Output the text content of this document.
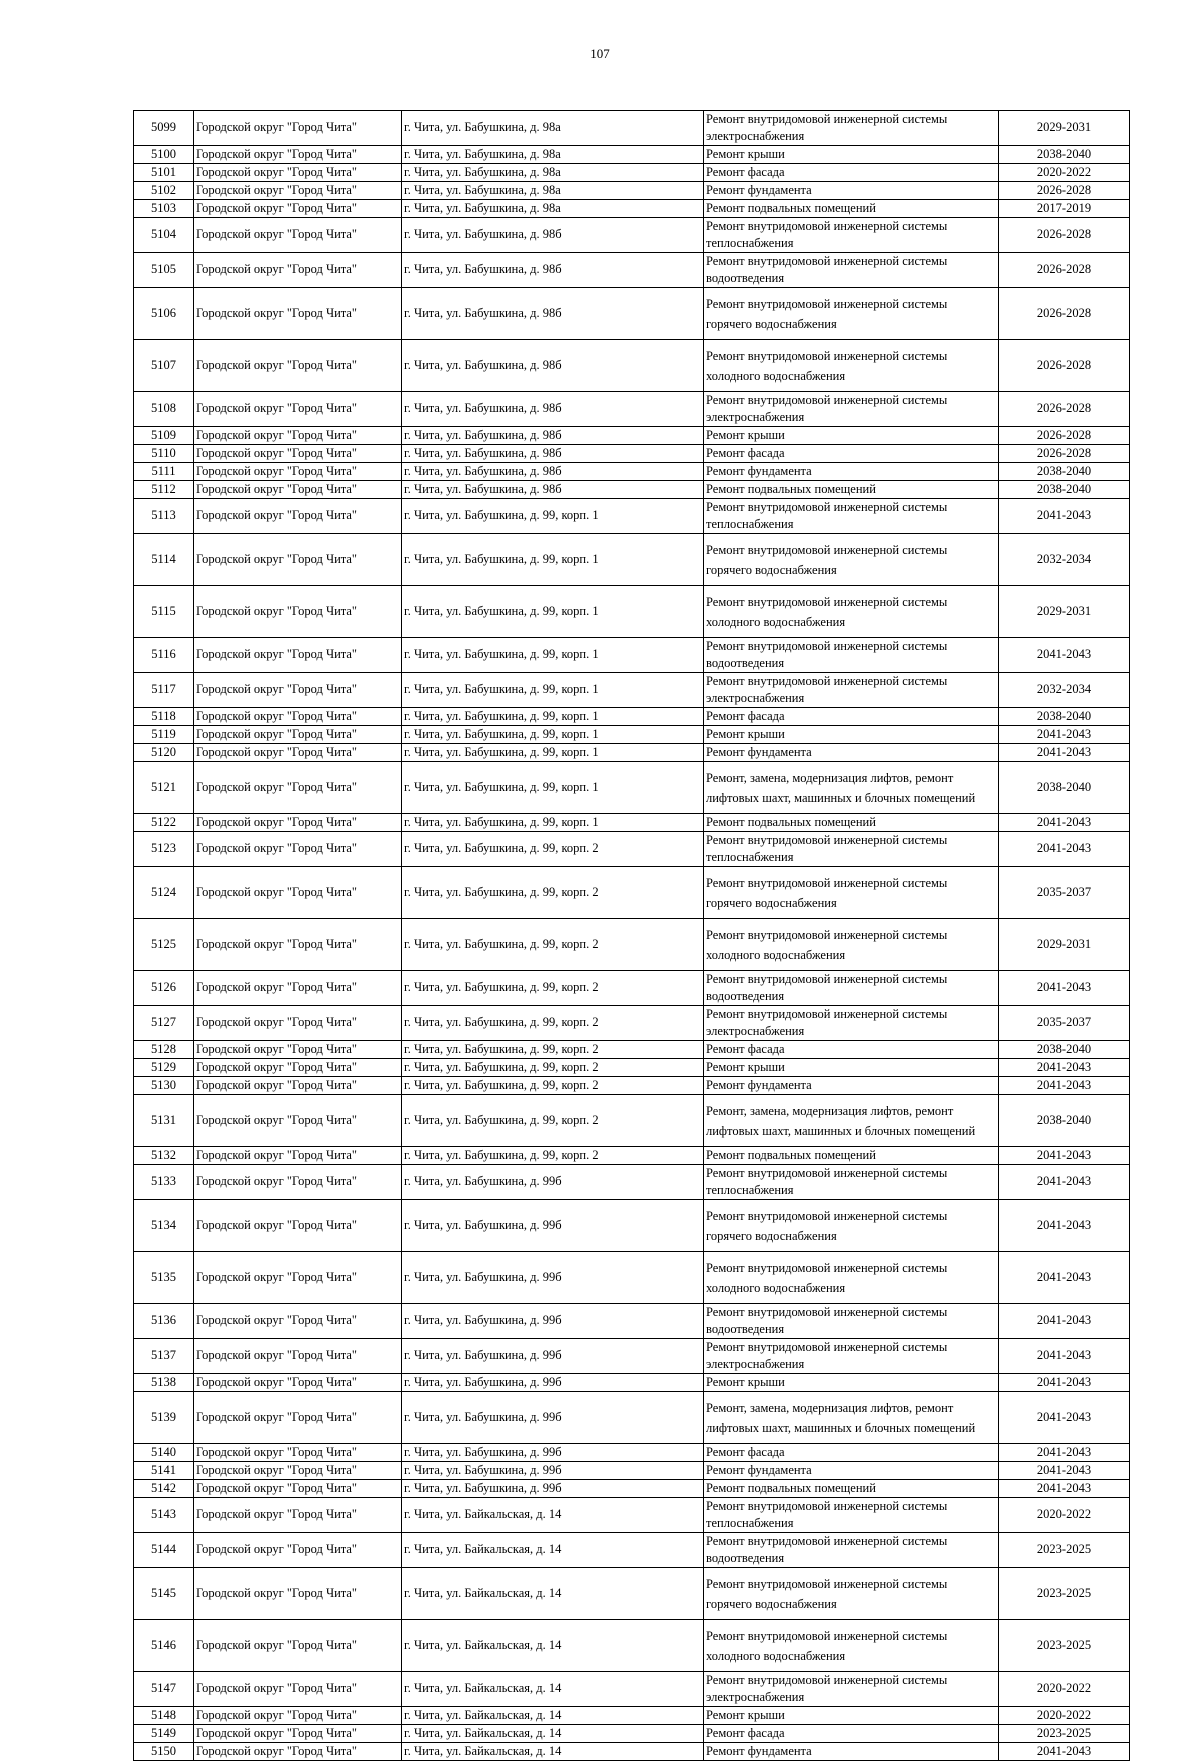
107
5099	Городской округ "Город Чита"	г. Чита, ул. Бабушкина, д. 98а	Ремонт внутридомовой инженерной системы электроснабжения	2029-2031
5100	Городской округ "Город Чита"	г. Чита, ул. Бабушкина, д. 98а	Ремонт крыши	2038-2040
5101	Городской округ "Город Чита"	г. Чита, ул. Бабушкина, д. 98а	Ремонт фасада	2020-2022
5102	Городской округ "Город Чита"	г. Чита, ул. Бабушкина, д. 98а	Ремонт фундамента	2026-2028
5103	Городской округ "Город Чита"	г. Чита, ул. Бабушкина, д. 98а	Ремонт подвальных помещений	2017-2019
5104	Городской округ "Город Чита"	г. Чита, ул. Бабушкина, д. 98б	Ремонт внутридомовой инженерной системы теплоснабжения	2026-2028
5105	Городской округ "Город Чита"	г. Чита, ул. Бабушкина, д. 98б	Ремонт внутридомовой инженерной системы водоотведения	2026-2028
5106	Городской округ "Город Чита"	г. Чита, ул. Бабушкина, д. 98б	Ремонт внутридомовой инженерной системы горячего водоснабжения	2026-2028
5107	Городской округ "Город Чита"	г. Чита, ул. Бабушкина, д. 98б	Ремонт внутридомовой инженерной системы холодного водоснабжения	2026-2028
5108	Городской округ "Город Чита"	г. Чита, ул. Бабушкина, д. 98б	Ремонт внутридомовой инженерной системы электроснабжения	2026-2028
5109	Городской округ "Город Чита"	г. Чита, ул. Бабушкина, д. 98б	Ремонт крыши	2026-2028
5110	Городской округ "Город Чита"	г. Чита, ул. Бабушкина, д. 98б	Ремонт фасада	2026-2028
5111	Городской округ "Город Чита"	г. Чита, ул. Бабушкина, д. 98б	Ремонт фундамента	2038-2040
5112	Городской округ "Город Чита"	г. Чита, ул. Бабушкина, д. 98б	Ремонт подвальных помещений	2038-2040
5113	Городской округ "Город Чита"	г. Чита, ул. Бабушкина, д. 99, корп. 1	Ремонт внутридомовой инженерной системы теплоснабжения	2041-2043
5114	Городской округ "Город Чита"	г. Чита, ул. Бабушкина, д. 99, корп. 1	Ремонт внутридомовой инженерной системы горячего водоснабжения	2032-2034
5115	Городской округ "Город Чита"	г. Чита, ул. Бабушкина, д. 99, корп. 1	Ремонт внутридомовой инженерной системы холодного водоснабжения	2029-2031
5116	Городской округ "Город Чита"	г. Чита, ул. Бабушкина, д. 99, корп. 1	Ремонт внутридомовой инженерной системы водоотведения	2041-2043
5117	Городской округ "Город Чита"	г. Чита, ул. Бабушкина, д. 99, корп. 1	Ремонт внутридомовой инженерной системы электроснабжения	2032-2034
5118	Городской округ "Город Чита"	г. Чита, ул. Бабушкина, д. 99, корп. 1	Ремонт фасада	2038-2040
5119	Городской округ "Город Чита"	г. Чита, ул. Бабушкина, д. 99, корп. 1	Ремонт крыши	2041-2043
5120	Городской округ "Город Чита"	г. Чита, ул. Бабушкина, д. 99, корп. 1	Ремонт фундамента	2041-2043
5121	Городской округ "Город Чита"	г. Чита, ул. Бабушкина, д. 99, корп. 1	Ремонт, замена, модернизация лифтов, ремонт лифтовых шахт, машинных и блочных помещений	2038-2040
5122	Городской округ "Город Чита"	г. Чита, ул. Бабушкина, д. 99, корп. 1	Ремонт подвальных помещений	2041-2043
5123	Городской округ "Город Чита"	г. Чита, ул. Бабушкина, д. 99, корп. 2	Ремонт внутридомовой инженерной системы теплоснабжения	2041-2043
5124	Городской округ "Город Чита"	г. Чита, ул. Бабушкина, д. 99, корп. 2	Ремонт внутридомовой инженерной системы горячего водоснабжения	2035-2037
5125	Городской округ "Город Чита"	г. Чита, ул. Бабушкина, д. 99, корп. 2	Ремонт внутридомовой инженерной системы холодного водоснабжения	2029-2031
5126	Городской округ "Город Чита"	г. Чита, ул. Бабушкина, д. 99, корп. 2	Ремонт внутридомовой инженерной системы водоотведения	2041-2043
5127	Городской округ "Город Чита"	г. Чита, ул. Бабушкина, д. 99, корп. 2	Ремонт внутридомовой инженерной системы электроснабжения	2035-2037
5128	Городской округ "Город Чита"	г. Чита, ул. Бабушкина, д. 99, корп. 2	Ремонт фасада	2038-2040
5129	Городской округ "Город Чита"	г. Чита, ул. Бабушкина, д. 99, корп. 2	Ремонт крыши	2041-2043
5130	Городской округ "Город Чита"	г. Чита, ул. Бабушкина, д. 99, корп. 2	Ремонт фундамента	2041-2043
5131	Городской округ "Город Чита"	г. Чита, ул. Бабушкина, д. 99, корп. 2	Ремонт, замена, модернизация лифтов, ремонт лифтовых шахт, машинных и блочных помещений	2038-2040
5132	Городской округ "Город Чита"	г. Чита, ул. Бабушкина, д. 99, корп. 2	Ремонт подвальных помещений	2041-2043
5133	Городской округ "Город Чита"	г. Чита, ул. Бабушкина, д. 99б	Ремонт внутридомовой инженерной системы теплоснабжения	2041-2043
5134	Городской округ "Город Чита"	г. Чита, ул. Бабушкина, д. 99б	Ремонт внутридомовой инженерной системы горячего водоснабжения	2041-2043
5135	Городской округ "Город Чита"	г. Чита, ул. Бабушкина, д. 99б	Ремонт внутридомовой инженерной системы холодного водоснабжения	2041-2043
5136	Городской округ "Город Чита"	г. Чита, ул. Бабушкина, д. 99б	Ремонт внутридомовой инженерной системы водоотведения	2041-2043
5137	Городской округ "Город Чита"	г. Чита, ул. Бабушкина, д. 99б	Ремонт внутридомовой инженерной системы электроснабжения	2041-2043
5138	Городской округ "Город Чита"	г. Чита, ул. Бабушкина, д. 99б	Ремонт крыши	2041-2043
5139	Городской округ "Город Чита"	г. Чита, ул. Бабушкина, д. 99б	Ремонт, замена, модернизация лифтов, ремонт лифтовых шахт, машинных и блочных помещений	2041-2043
5140	Городской округ "Город Чита"	г. Чита, ул. Бабушкина, д. 99б	Ремонт фасада	2041-2043
5141	Городской округ "Город Чита"	г. Чита, ул. Бабушкина, д. 99б	Ремонт фундамента	2041-2043
5142	Городской округ "Город Чита"	г. Чита, ул. Бабушкина, д. 99б	Ремонт подвальных помещений	2041-2043
5143	Городской округ "Город Чита"	г. Чита, ул. Байкальская, д. 14	Ремонт внутридомовой инженерной системы теплоснабжения	2020-2022
5144	Городской округ "Город Чита"	г. Чита, ул. Байкальская, д. 14	Ремонт внутридомовой инженерной системы водоотведения	2023-2025
5145	Городской округ "Город Чита"	г. Чита, ул. Байкальская, д. 14	Ремонт внутридомовой инженерной системы горячего водоснабжения	2023-2025
5146	Городской округ "Город Чита"	г. Чита, ул. Байкальская, д. 14	Ремонт внутридомовой инженерной системы холодного водоснабжения	2023-2025
5147	Городской округ "Город Чита"	г. Чита, ул. Байкальская, д. 14	Ремонт внутридомовой инженерной системы электроснабжения	2020-2022
5148	Городской округ "Город Чита"	г. Чита, ул. Байкальская, д. 14	Ремонт крыши	2020-2022
5149	Городской округ "Город Чита"	г. Чита, ул. Байкальская, д. 14	Ремонт фасада	2023-2025
5150	Городской округ "Город Чита"	г. Чита, ул. Байкальская, д. 14	Ремонт фундамента	2041-2043
